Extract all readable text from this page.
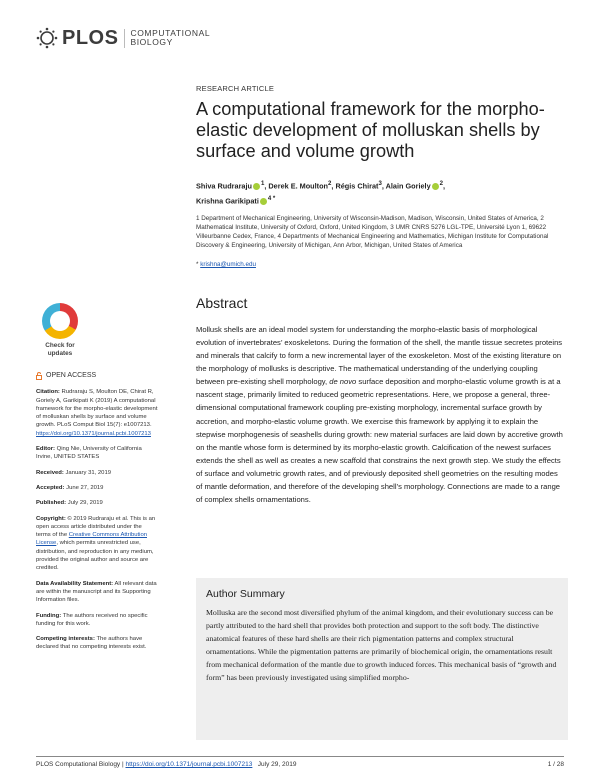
PLOS	COMPUTATIONAL
BIOLOGY
RESEARCH ARTICLE
A computational framework for the morpho-elastic development of molluskan shells by surface and volume growth
Shiva Rudraraju $^1$, Derek E. Moulton$^2$, Régis Chirat$^3$, Alain Goriely $^2$,
Krishna Garikipati $^{4 *}$
1 Department of Mechanical Engineering, University of Wisconsin-Madison, Madison, Wisconsin, United States of America, 2 Mathematical Institute, University of Oxford, Oxford, United Kingdom, 3 UMR CNRS 5276 LGL-TPE, Université Lyon 1, 69622 Villeurbanne Cedex, France, 4 Departments of Mechanical Engineering and Mathematics, Michigan Institute for Computational Discovery & Engineering, University of Michigan, Ann Arbor, Michigan, United States of America
* krishna@umich.edu
Abstract

Mollusk shells are an ideal model system for understanding the morpho-elastic basis of morphological evolution of invertebrates’ exoskeletons. During the formation of the shell, the mantle tissue secretes proteins and minerals that calcify to form a new incremental layer of the exoskeleton. Most of the existing literature on the morphology of mollusks is descriptive. The mathematical understanding of the underlying coupling between pre-existing shell morphology, de novo surface deposition and morpho-elastic volume growth is at a nascent stage, primarily limited to reduced geometric representations. Here, we propose a general, three-dimensional computational framework coupling pre-existing morphology, incremental surface growth by accretion, and morpho-elastic volume growth. We exercise this framework by applying it to explain the stepwise morphogenesis of seashells during growth: new material surfaces are laid down by accretive growth on the mantle whose form is determined by its morpho-elastic growth. Calcification of the newest surfaces extends the shell as well as creates a new scaffold that constrains the next growth step. We study the effects of surface and volumetric growth rates, and of previously deposited shell geometries on the resulting modes of mantle deformation, and therefore of the developing shell’s morphology. Connections are made to a range of complex shells ornamentations.

Author Summary

Molluska are the second most diversified phylum of the animal kingdom, and their evolutionary success can be partly attributed to the hard shell that provides both protection and support to the soft body. The distinctive anatomical features of these hard shells are their rich pigmentation patterns and complex structural ornamentations. While the pigmentation patterns are primarily of biochemical origin, the ornamentations result from mechanical deformation of the mantle due to growth induced forces. This mechanical basis of “growth and form” has been previously investigated using simplified morpho-

Check for
updates
OPEN ACCESS
Citation: Rudraraju S, Moulton DE, Chirat R, Goriely A, Garikipati K (2019) A computational framework for the morpho-elastic development of molluskan shells by surface and volume growth. PLoS Comput Biol 15(7): e1007213. https://doi.org/10.1371/journal.pcbi.1007213
Editor: Qing Nie, University of California Irvine, UNITED STATES
Received: January 31, 2019
Accepted: June 27, 2019
Published: July 29, 2019
Copyright: © 2019 Rudraraju et al. This is an open access article distributed under the terms of the Creative Commons Attribution License, which permits unrestricted use, distribution, and reproduction in any medium, provided the original author and source are credited.
Data Availability Statement: All relevant data are within the manuscript and its Supporting Information files.
Funding: The authors received no specific funding for this work.
Competing interests: The authors have declared that no competing interests exist.
PLOS Computational Biology | https://doi.org/10.1371/journal.pcbi.1007213
July 29, 2019	1 / 28
